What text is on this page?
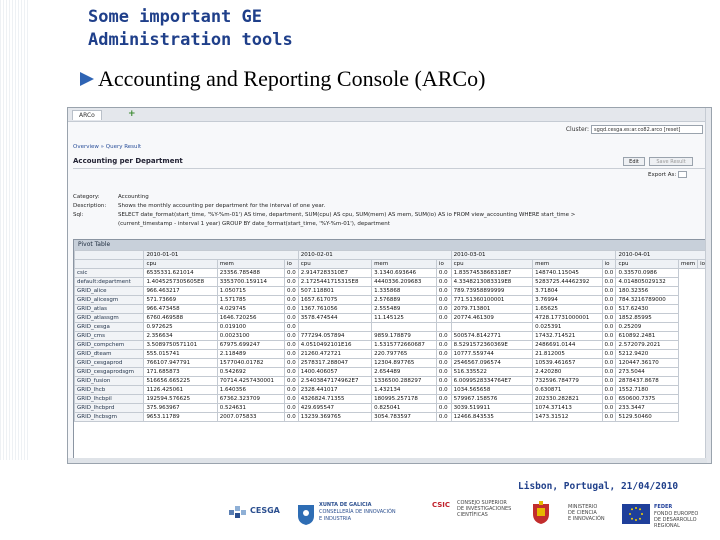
Some important GE
Administration tools
Accounting and Reporting Console (ARCo)
ARCo	+
Cluster: sgqd.cesga.es:ar.co82.arco [reset]
Overview » Query Result
Accounting per Department	Edit	Save Result
Export As:
Category:	Accounting
Description:	Shows the monthly accounting per department for the interval of one year.
Sql:	SELECT date_format(start_time, '%Y-%m-01') AS time, department, SUM(cpu) AS cpu, SUM(mem) AS mem, SUM(io) AS io FROM view_accounting WHERE start_time >
(current_timestamp - interval 1 year) GROUP BY date_format(start_time, '%Y-%m-01'), department
Pivot Table
	2010-01-01			2010-02-01			2010-03-01			2010-04-01		
	cpu	mem	io	cpu	mem	io	cpu	mem	io	cpu	mem	io
csic	6535331.621014	23356.785488	0.0	2.9147283310E7	3.1340.693646	0.0	1.8357453868318E7	148740.115045	0.0	0.33570.0986		
default:department	1.4045257305605E8	3353700.159114	0.0	2.1725441715315E8	4440336.209683	0.0	4.3348213083319E8	5283725.44462392	0.0	4.014805029132		
GRID_alice	966.463217	1.050715	0.0	507.118801	1.335868	0.0	789.73958899999	3.71804	0.0	180.32356		
GRID_alicesgm	571.73669	1.571785	0.0	1657.617075	2.576889	0.0	771.51360100001	3.76994	0.0	784.3216789000		
GRID_atlas	966.473458	4.029745	0.0	1367.761056	2.555489	0.0	2079.713801	1.65625	0.0	517.62430		
GRID_atlassgm	6760.469588	1646.720256	0.0	3578.474544	11.145125	0.0	20774.461309	4728.17731000001	0.0	1852.85995		
GRID_cesga	0.972625	0.019100	0.0					0.025391	0.0	0.25209		
GRID_cms	2.356634	0.0023100	0.0	777294.057894	9859.178879	0.0	500574.8142771	17432.714521	0.0	610892.2481		
GRID_compchem	3.5089750571101	67975.699247	0.0	4.0510492101E16	1.5315772660687	0.0	8.5291572360369E	2486691.0144	0.0	2.572079.2021		
GRID_dteam	555.015741	2.118489	0.0	21260.472721	220.797765	0.0	10777.559744	21.812005	0.0	5212.9420		
GRID_cesgaprod	766107.947791	1577040.01782	0.0	2578317.288047	12304.897765	0.0	2546567.096574	10539.461657	0.0	120447.36170		
GRID_cesgaprodsgm	171.685873	0.542692	0.0	1400.406057	2.654489	0.0	516.335522	2.420280	0.0	273.5044		
GRID_fusion	516656.665225	70714.4257430001	0.0	2.5403847174962E7	1336500.288297	0.0	6.0099528334764E7	732596.784779	0.0	2878437.8678		
GRID_lhcb	1126.425061	1.640356	0.0	2328.441017	1.432134	0.0	1034.565658	0.630871	0.0	1552.7180		
GRID_lhcbpil	192594.576625	67362.323709	0.0	4326824.71355	180995.257178	0.0	579967.158576	202330.282821	0.0	650600.7375		
GRID_lhcbprd	375.963967	0.524631	0.0	429.695547	0.825041	0.0	3039.519911	1074.371413	0.0	233.3447		
GRID_lhcbsgm	9653.11789	2007.075833	0.0	13239.369765	3054.783597	0.0	12466.843535	1473.31512	0.0	5129.50460		
Lisbon, Portugal, 21/04/2010
CESGA
XUNTA DE GALICIA
CONSELLERÍA DE INNOVACIÓN
E INDUSTRIA
CSIC CONSEJO SUPERIOR
DE INVESTIGACIONES
CIENTÍFICAS
MINISTERIO
DE CIENCIA
E INNOVACIÓN
FEDER
FONDO EUROPEO
DE DESARROLLO REGIONAL
